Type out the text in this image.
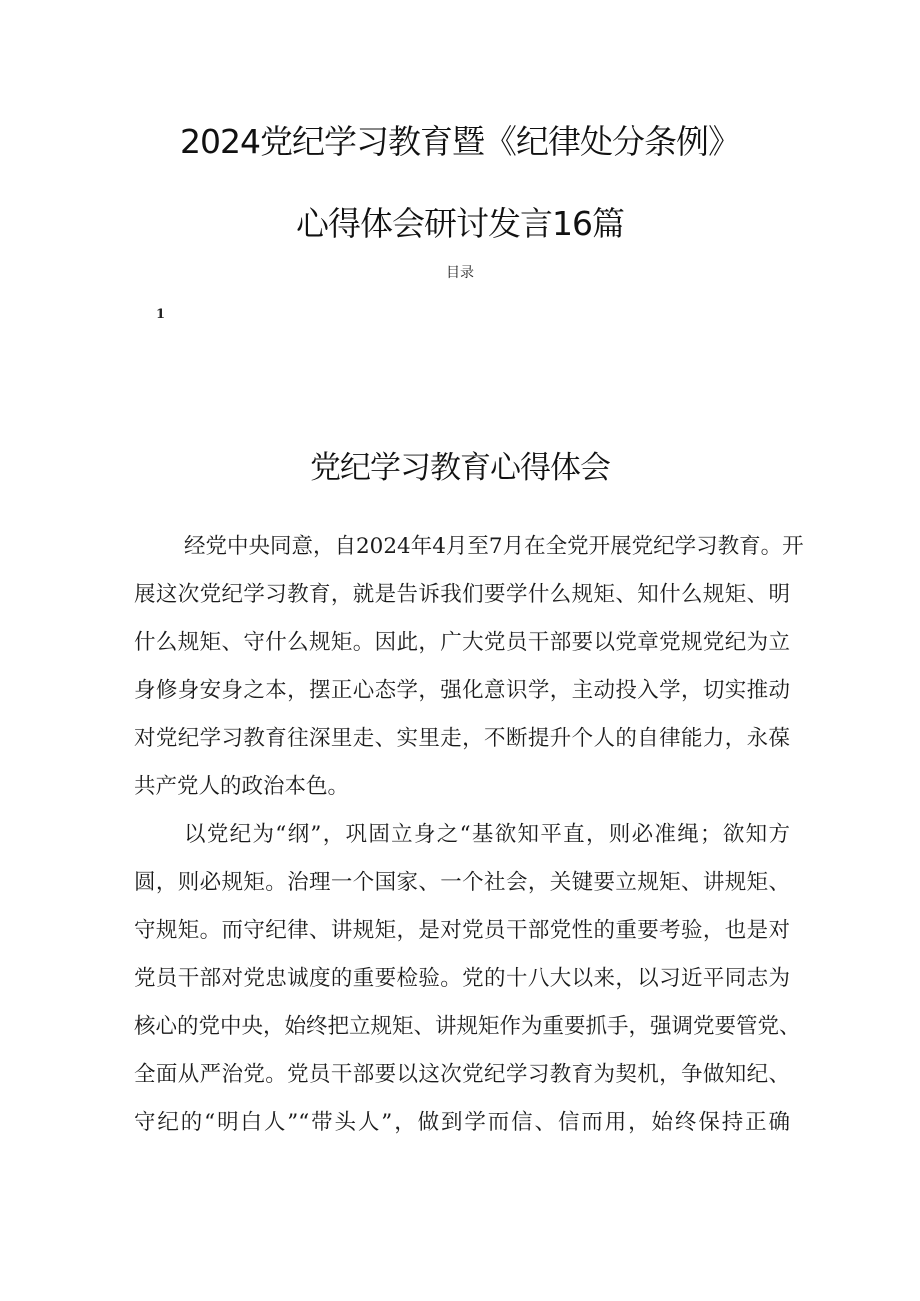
2024党纪学习教育暨《纪律处分条例》
心得体会研讨发言16篇
目录
1
党纪学习教育心得体会
经党中央同意，自2024年4月至7月在全党开展党纪学习教育。开
展这次党纪学习教育，就是告诉我们要学什么规矩、知什么规矩、明
什么规矩、守什么规矩。因此，广大党员干部要以党章党规党纪为立
身修身安身之本，摆正心态学，强化意识学，主动投入学，切实推动
对党纪学习教育往深里走、实里走，不断提升个人的自律能力，永葆
共产党人的政治本色。
以党纪为“纲”，巩固立身之“基欲知平直，则必准绳；欲知方
圆，则必规矩。治理一个国家、一个社会，关键要立规矩、讲规矩、
守规矩。而守纪律、讲规矩，是对党员干部党性的重要考验，也是对
党员干部对党忠诚度的重要检验。党的十八大以来，以习近平同志为
核心的党中央，始终把立规矩、讲规矩作为重要抓手，强调党要管党、
全面从严治党。党员干部要以这次党纪学习教育为契机，争做知纪、
守纪的“明白人”“带头人”，做到学而信、信而用，始终保持正确
